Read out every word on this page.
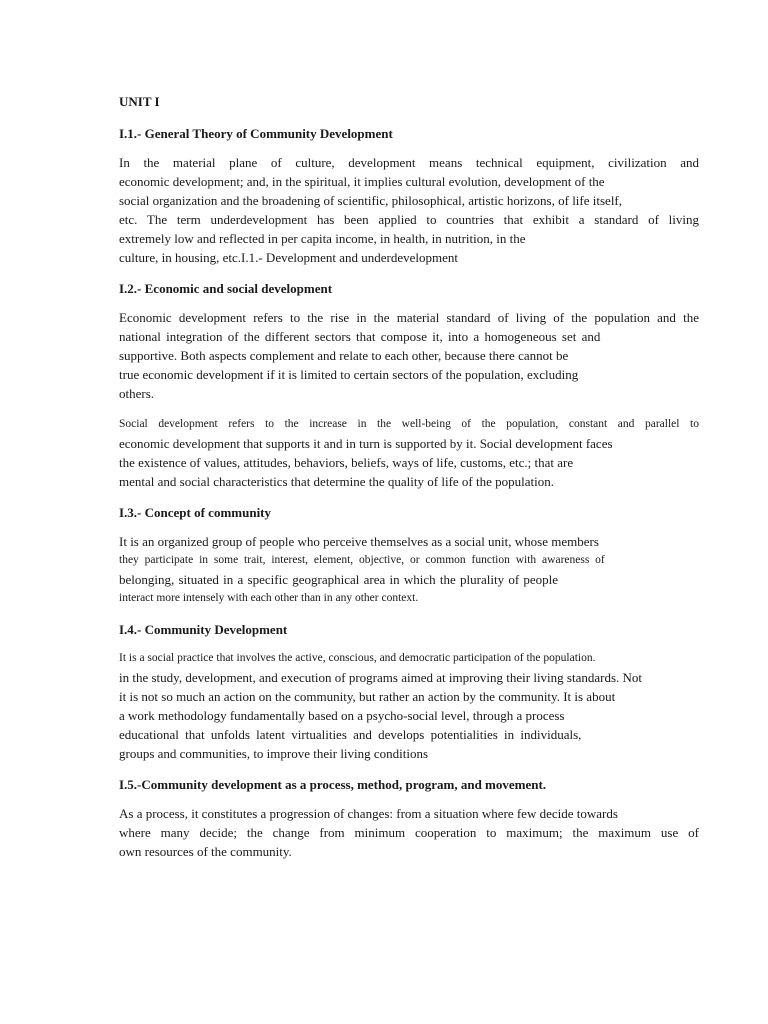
UNIT I
I.1.- General Theory of Community Development
In the material plane of culture, development means technical equipment, civilization and
economic development; and, in the spiritual, it implies cultural evolution, development of the
social organization and the broadening of scientific, philosophical, artistic horizons, of life itself,
etc. The term underdevelopment has been applied to countries that exhibit a standard of living
extremely low and reflected in per capita income, in health, in nutrition, in the
culture, in housing, etc.I.1.- Development and underdevelopment
I.2.- Economic and social development
Economic development refers to the rise in the material standard of living of the population and the
national integration of the different sectors that compose it, into a homogeneous set and
supportive. Both aspects complement and relate to each other, because there cannot be
true economic development if it is limited to certain sectors of the population, excluding
others.
Social development refers to the increase in the well-being of the population, constant and parallel to
economic development that supports it and in turn is supported by it. Social development faces
the existence of values, attitudes, behaviors, beliefs, ways of life, customs, etc.; that are
mental and social characteristics that determine the quality of life of the population.
I.3.- Concept of community
It is an organized group of people who perceive themselves as a social unit, whose members
they participate in some trait, interest, element, objective, or common function with awareness of
belonging, situated in a specific geographical area in which the plurality of people
interact more intensely with each other than in any other context.
I.4.- Community Development
It is a social practice that involves the active, conscious, and democratic participation of the population.
in the study, development, and execution of programs aimed at improving their living standards. Not
it is not so much an action on the community, but rather an action by the community. It is about
a work methodology fundamentally based on a psycho-social level, through a process
educational that unfolds latent virtualities and develops potentialities in individuals,
groups and communities, to improve their living conditions
I.5.-Community development as a process, method, program, and movement.
As a process, it constitutes a progression of changes: from a situation where few decide towards
where many decide; the change from minimum cooperation to maximum; the maximum use of
own resources of the community.
